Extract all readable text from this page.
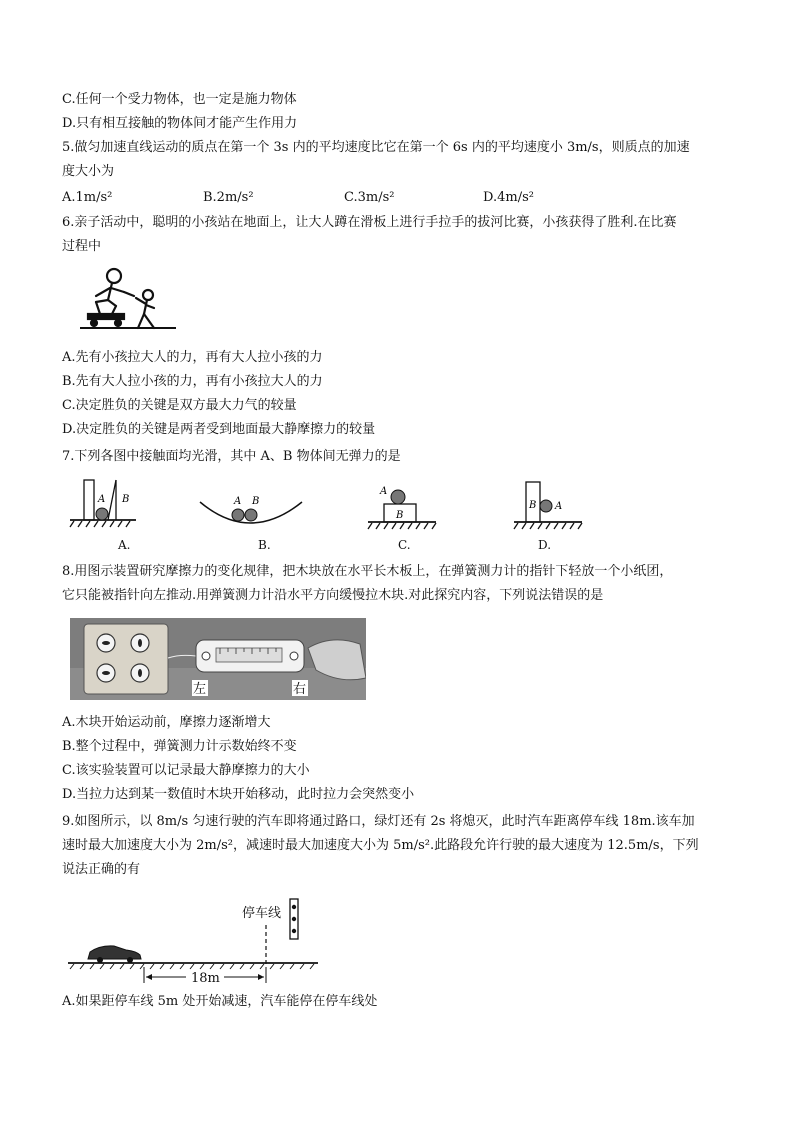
C.任何一个受力物体，也一定是施力物体
D.只有相互接触的物体间才能产生作用力
5.做匀加速直线运动的质点在第一个 3s 内的平均速度比它在第一个 6s 内的平均速度小 3m/s，则质点的加速
度大小为
A.1m/s²	B.2m/s²	C.3m/s²	D.4m/s²
6.亲子活动中，聪明的小孩站在地面上，让大人蹲在滑板上进行手拉手的拔河比赛，小孩获得了胜利.在比赛
过程中
A.先有小孩拉大人的力，再有大人拉小孩的力
B.先有大人拉小孩的力，再有小孩拉大人的力
C.决定胜负的关键是双方最大力气的较量
D.决定胜负的关键是两者受到地面最大静摩擦力的较量
7.下列各图中接触面均光滑，其中 A、B 物体间无弹力的是
A B
A.
A B
B.
A
B
C.
B A
D.
8.用图示装置研究摩擦力的变化规律，把木块放在水平长木板上，在弹簧测力计的指针下轻放一个小纸团，
它只能被指针向左推动.用弹簧测力计沿水平方向缓慢拉木块.对此探究内容，下列说法错误的是
左	右
A.木块开始运动前，摩擦力逐渐增大
B.整个过程中，弹簧测力计示数始终不变
C.该实验装置可以记录最大静摩擦力的大小
D.当拉力达到某一数值时木块开始移动，此时拉力会突然变小
9.如图所示，以 8m/s 匀速行驶的汽车即将通过路口，绿灯还有 2s 将熄灭，此时汽车距离停车线 18m.该车加
速时最大加速度大小为 2m/s²，减速时最大加速度大小为 5m/s².此路段允许行驶的最大速度为 12.5m/s，下列
说法正确的有
停车线
18m
A.如果距停车线 5m 处开始减速，汽车能停在停车线处
